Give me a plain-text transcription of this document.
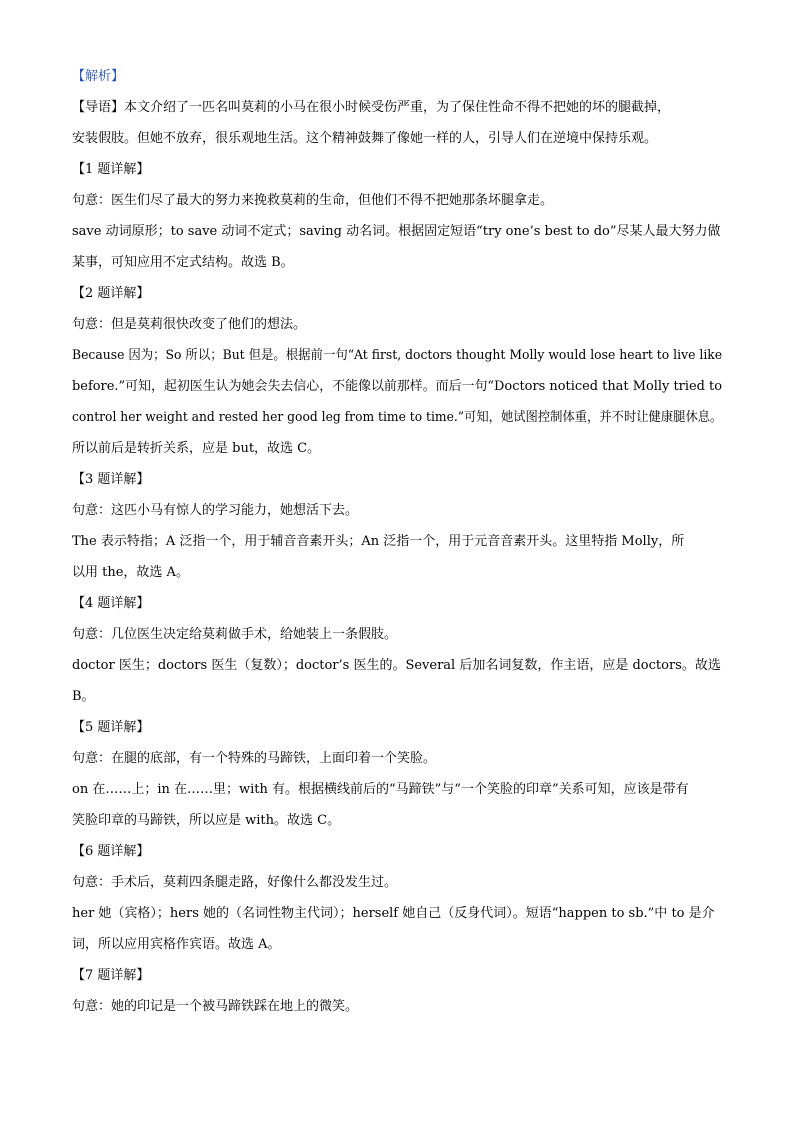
【解析】
【导语】本文介绍了一匹名叫莫莉的小马在很小时候受伤严重，为了保住性命不得不把她的坏的腿截掉，
安装假肢。但她不放弃，很乐观地生活。这个精神鼓舞了像她一样的人，引导人们在逆境中保持乐观。
【1 题详解】
句意：医生们尽了最大的努力来挽救莫莉的生命，但他们不得不把她那条坏腿拿走。
save 动词原形；to save 动词不定式；saving 动名词。根据固定短语“try one’s best to do”尽某人最大努力做
某事，可知应用不定式结构。故选 B。
【2 题详解】
句意：但是莫莉很快改变了他们的想法。
Because 因为；So 所以；But 但是。根据前一句“At first, doctors thought Molly would lose heart to live like
before.”可知，起初医生认为她会失去信心，不能像以前那样。而后一句“Doctors noticed that Molly tried to
control her weight and rested her good leg from time to time.”可知，她试图控制体重，并不时让健康腿休息。
所以前后是转折关系，应是 but，故选 C。
【3 题详解】
句意：这匹小马有惊人的学习能力，她想活下去。
The 表示特指；A 泛指一个，用于辅音音素开头；An 泛指一个，用于元音音素开头。这里特指 Molly，所
以用 the，故选 A。
【4 题详解】
句意：几位医生决定给莫莉做手术，给她装上一条假肢。
doctor 医生；doctors 医生（复数）；doctor’s 医生的。Several 后加名词复数，作主语，应是 doctors。故选
B。
【5 题详解】
句意：在腿的底部，有一个特殊的马蹄铁，上面印着一个笑脸。
on 在……上；in 在……里；with 有。根据横线前后的“马蹄铁”与“一个笑脸的印章”关系可知，应该是带有
笑脸印章的马蹄铁，所以应是 with。故选 C。
【6 题详解】
句意：手术后，莫莉四条腿走路，好像什么都没发生过。
her 她（宾格）；hers 她的（名词性物主代词）；herself 她自己（反身代词）。短语“happen to sb.”中 to 是介
词，所以应用宾格作宾语。故选 A。
【7 题详解】
句意：她的印记是一个被马蹄铁踩在地上的微笑。
